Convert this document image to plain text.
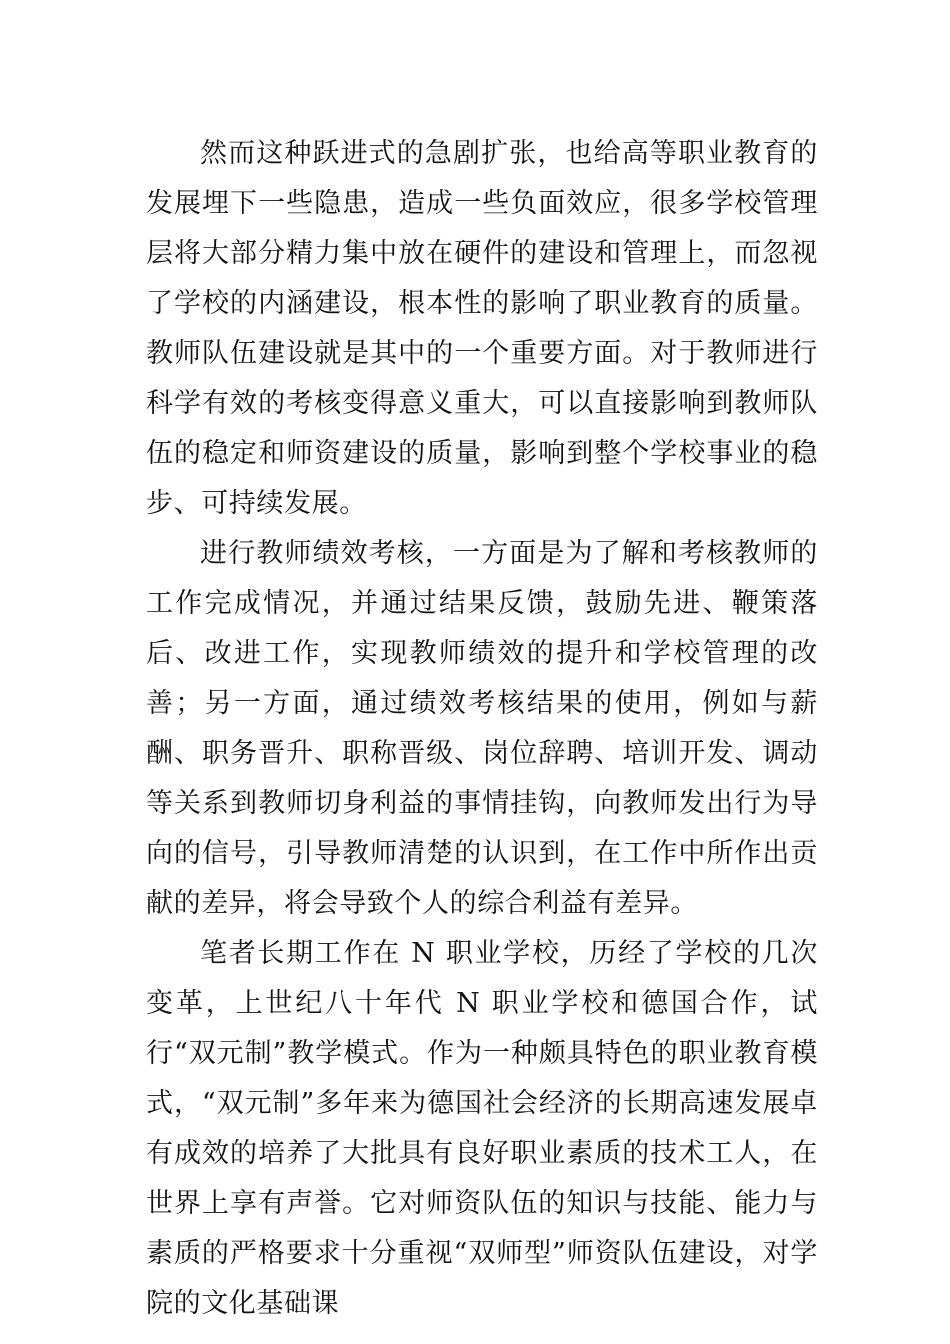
然而这种跃进式的急剧扩张，也给高等职业教育的发展埋下一些隐患，造成一些负面效应，很多学校管理层将大部分精力集中放在硬件的建设和管理上，而忽视了学校的内涵建设，根本性的影响了职业教育的质量。教师队伍建设就是其中的一个重要方面。对于教师进行科学有效的考核变得意义重大，可以直接影响到教师队伍的稳定和师资建设的质量，影响到整个学校事业的稳步、可持续发展。

进行教师绩效考核，一方面是为了解和考核教师的工作完成情况，并通过结果反馈，鼓励先进、鞭策落后、改进工作，实现教师绩效的提升和学校管理的改善；另一方面，通过绩效考核结果的使用，例如与薪酬、职务晋升、职称晋级、岗位辞聘、培训开发、调动等关系到教师切身利益的事情挂钩，向教师发出行为导向的信号，引导教师清楚的认识到，在工作中所作出贡献的差异，将会导致个人的综合利益有差异。

笔者长期工作在 N 职业学校，历经了学校的几次变革，上世纪八十年代 N 职业学校和德国合作，试行“双元制”教学模式。作为一种颇具特色的职业教育模式，“双元制”多年来为德国社会经济的长期高速发展卓有成效的培养了大批具有良好职业素质的技术工人，在世界上享有声誉。它对师资队伍的知识与技能、能力与素质的严格要求十分重视“双师型”师资队伍建设，对学院的文化基础课
